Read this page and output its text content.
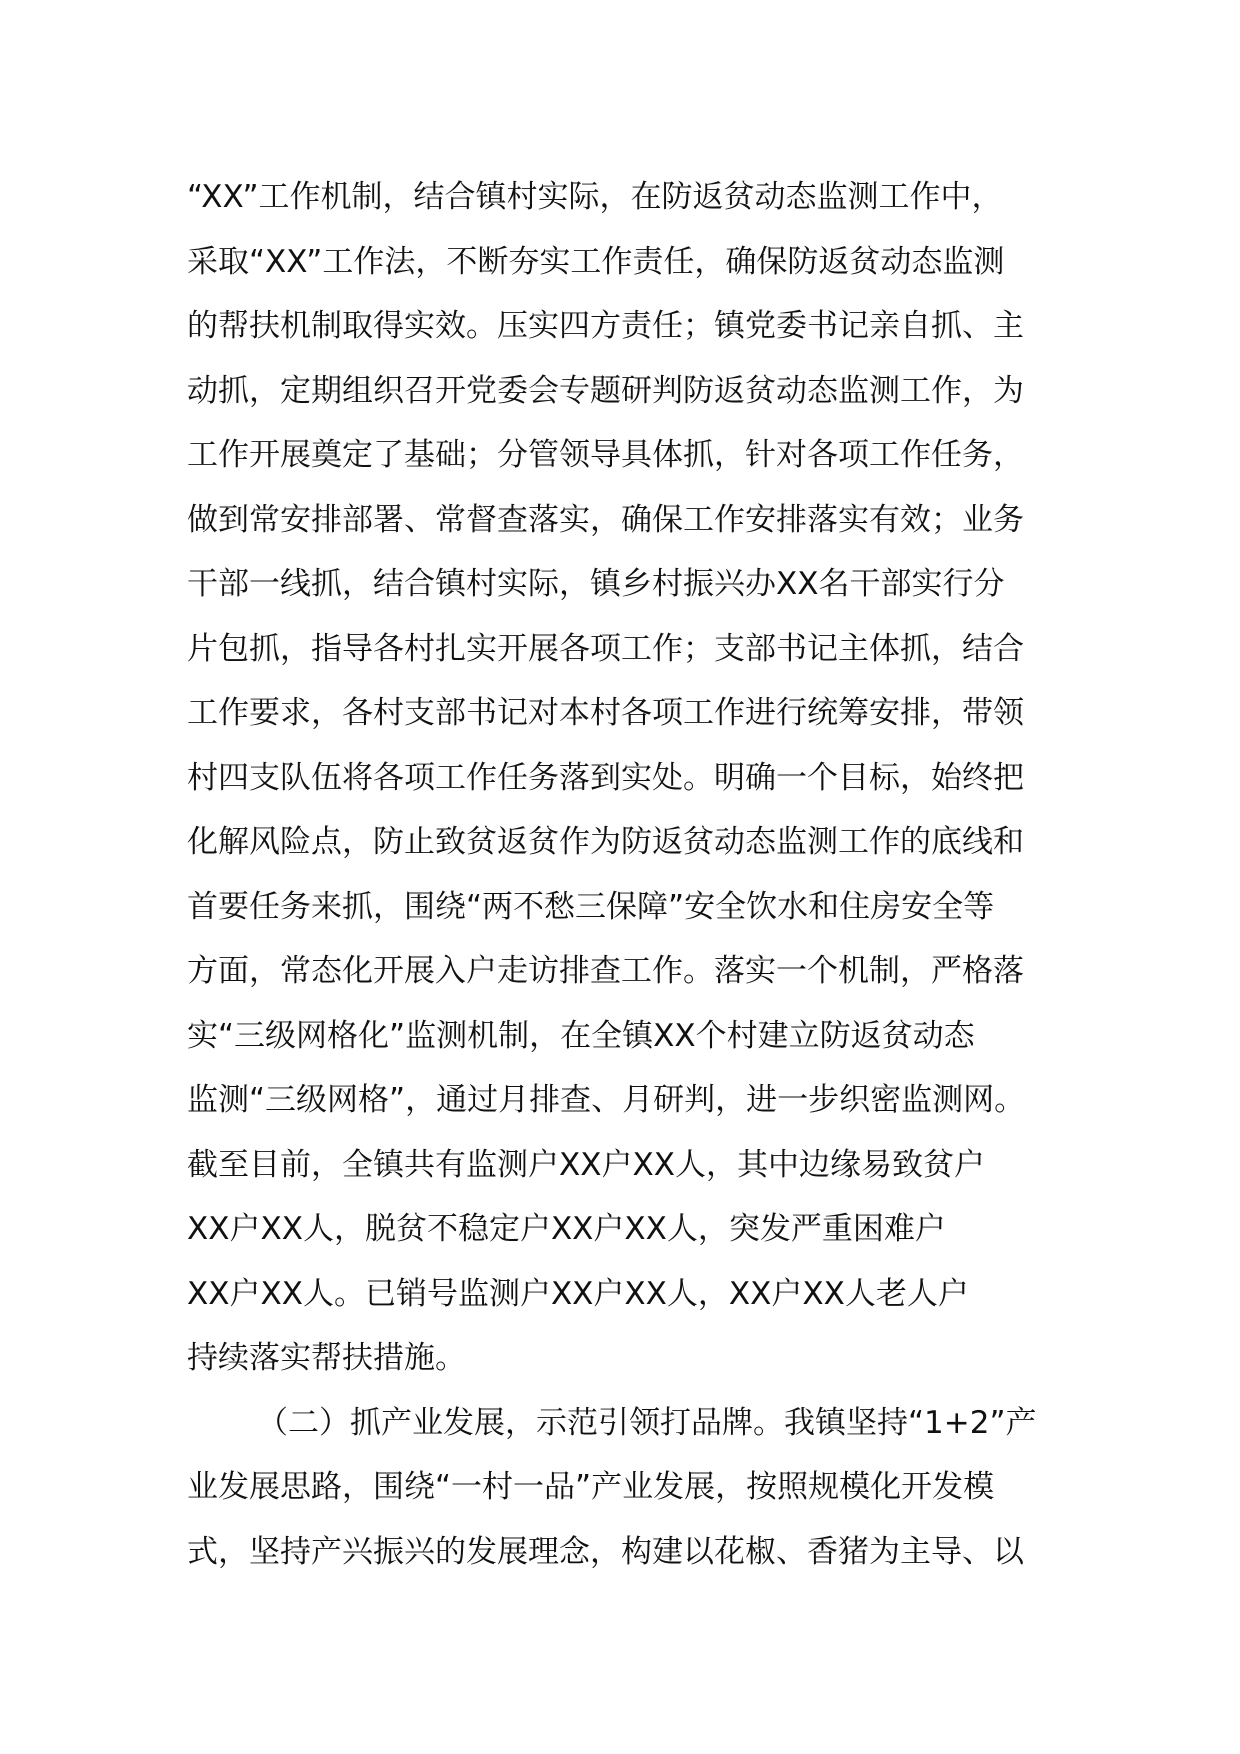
“XX”工作机制，结合镇村实际，在防返贫动态监测工作中，
采取“XX”工作法，不断夯实工作责任，确保防返贫动态监测
的帮扶机制取得实效。压实四方责任；镇党委书记亲自抓、主
动抓，定期组织召开党委会专题研判防返贫动态监测工作，为
工作开展奠定了基础；分管领导具体抓，针对各项工作任务，
做到常安排部署、常督查落实，确保工作安排落实有效；业务
干部一线抓，结合镇村实际，镇乡村振兴办XX名干部实行分
片包抓，指导各村扎实开展各项工作；支部书记主体抓，结合
工作要求，各村支部书记对本村各项工作进行统筹安排，带领
村四支队伍将各项工作任务落到实处。明确一个目标，始终把
化解风险点，防止致贫返贫作为防返贫动态监测工作的底线和
首要任务来抓，围绕“两不愁三保障”安全饮水和住房安全等
方面，常态化开展入户走访排查工作。落实一个机制，严格落
实“三级网格化”监测机制，在全镇XX个村建立防返贫动态
监测“三级网格”，通过月排查、月研判，进一步织密监测网。
截至目前，全镇共有监测户XX户XX人，其中边缘易致贫户
XX户XX人，脱贫不稳定户XX户XX人，突发严重困难户
XX户XX人。已销号监测户XX户XX人，XX户XX人老人户
持续落实帮扶措施。
（二）抓产业发展，示范引领打品牌。我镇坚持“1+2”产
业发展思路，围绕“一村一品”产业发展，按照规模化开发模
式，坚持产兴振兴的发展理念，构建以花椒、香猪为主导、以
